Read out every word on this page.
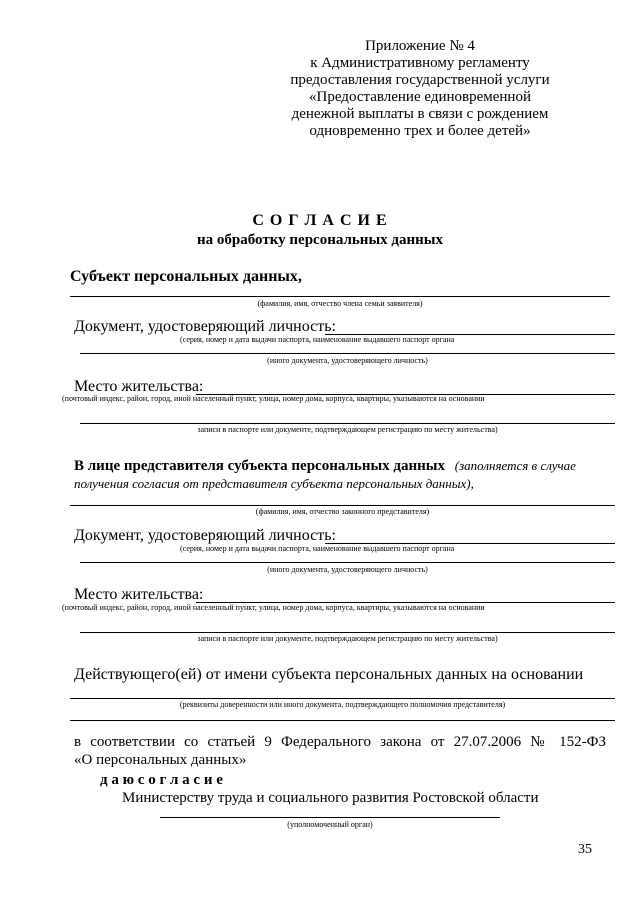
Приложение № 4
к Административному регламенту
предоставления государственной услуги
«Предоставление единовременной
денежной выплаты в связи с рождением
одновременно трех и более детей»
С О Г Л А С И Е
на обработку персональных данных
Субъект персональных данных,
(фамилия, имя, отчество члена семьи заявителя)
Документ, удостоверяющий личность:
(серия, номер и дата выдачи паспорта, наименование выдавшего паспорт органа
(иного документа, удостоверяющего личность)
Место жительства:
(почтовый индекс, район, город, иной населенный пункт, улица, номер дома, корпуса, квартиры, указываются на основании
записи в паспорте или документе, подтверждающем регистрацию по месту жительства)
В лице представителя субъекта персональных данных (заполняется в случае
получения согласия от представителя субъекта персональных данных),
(фамилия, имя, отчество законного представителя)
Документ, удостоверяющий личность:
(серия, номер и дата выдачи паспорта, наименование выдавшего паспорт органа
(иного документа, удостоверяющего личность)
Место жительства:
(почтовый индекс, район, город, иной населенный пункт, улица, номер дома, корпуса, квартиры, указываются на основании
записи в паспорте или документе, подтверждающем регистрацию по месту жительства)
Действующего(ей) от имени субъекта персональных данных на основании
(реквизиты доверенности или иного документа, подтверждающего полномочия представителя)
в соответствии со статьей 9 Федерального закона от 27.07.2006 № 152-ФЗ
«О персональных данных»
д а ю с о г л а с и е
Министерству труда и социального развития Ростовской области
(уполномоченный орган)
35
